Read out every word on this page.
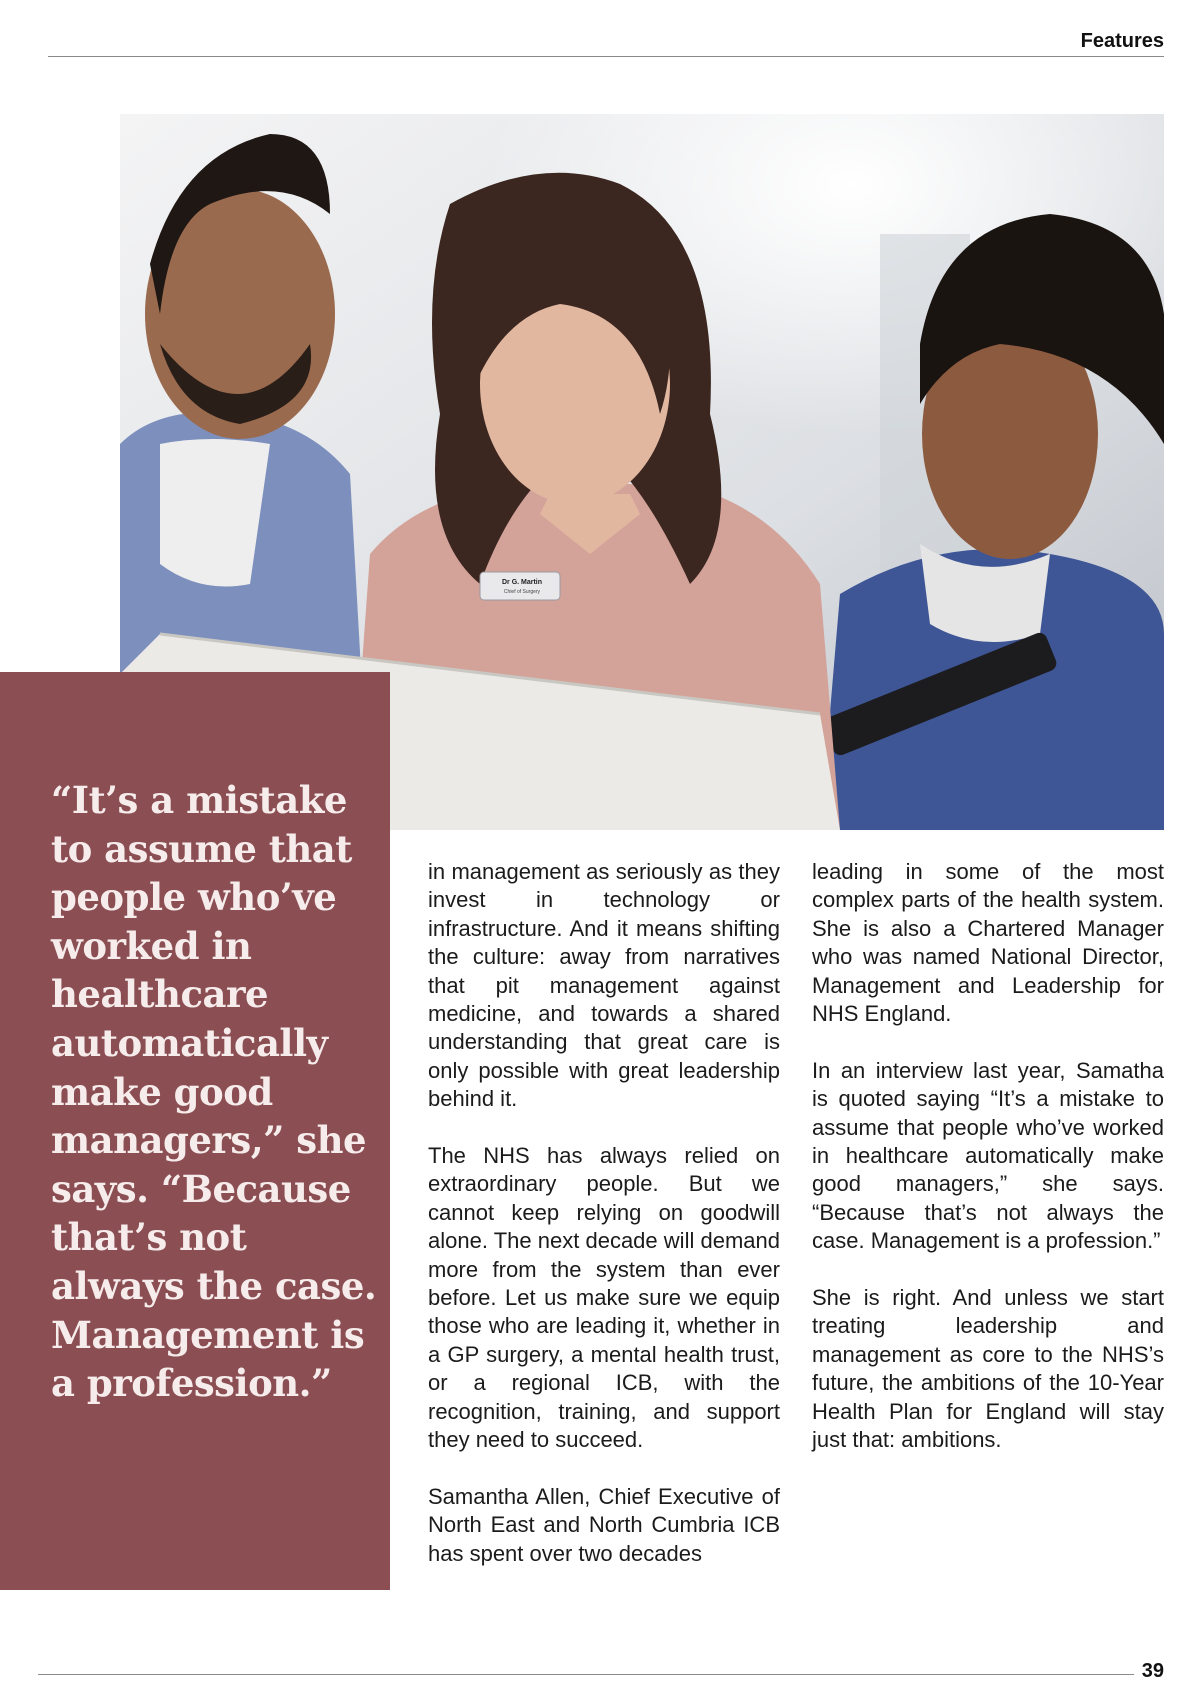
Features
Dr G. Martin
Chief of Surgery
“It’s a mistake to assume that people who’ve worked in healthcare automatically make good managers,” she says. “Because that’s not always the case. Management is a profession.”

in management as seriously as they invest in technology or infrastructure. And it means shifting the culture: away from narratives that pit management against medicine, and towards a shared understanding that great care is only possible with great leadership behind it.

The NHS has always relied on extraordinary people. But we cannot keep relying on goodwill alone. The next decade will demand more from the system than ever before. Let us make sure we equip those who are leading it, whether in a GP surgery, a mental health trust, or a regional ICB, with the recognition, training, and support they need to succeed.

Samantha Allen, Chief Executive of North East and North Cumbria ICB has spent over two decades

leading in some of the most complex parts of the health system. She is also a Chartered Manager who was named National Director, Management and Leadership for NHS England.

In an interview last year, Samatha is quoted saying “It’s a mistake to assume that people who’ve worked in healthcare automatically make good managers,” she says. “Because that’s not always the case. Management is a profession.”

She is right. And unless we start treating leadership and management as core to the NHS’s future, the ambitions of the 10-Year Health Plan for England will stay just that: ambitions.

39
